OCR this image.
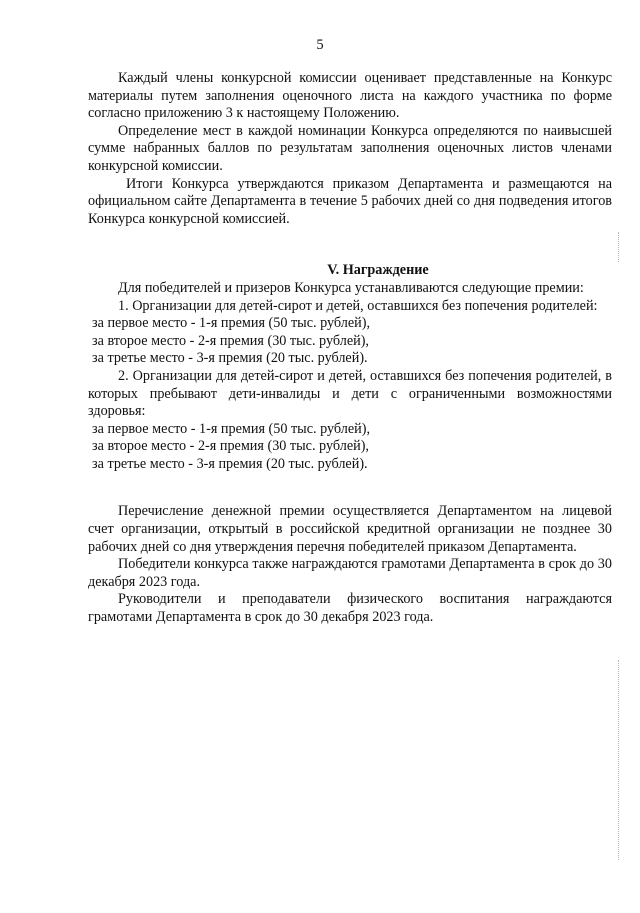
5

Каждый члены конкурсной комиссии оценивает представленные на Конкурс материалы путем заполнения оценочного листа на каждого участника по форме согласно приложению 3 к настоящему Положению.

Определение мест в каждой номинации Конкурса определяются по наивысшей сумме набранных баллов по результатам заполнения оценочных листов членами конкурсной комиссии.

Итоги Конкурса утверждаются приказом Департамента и размещаются на официальном сайте Департамента в течение 5 рабочих дней со дня подведения итогов Конкурса конкурсной комиссией.

V. Награждение

Для победителей и призеров Конкурса устанавливаются следующие премии:

1. Организации для детей-сирот и детей, оставшихся без попечения родителей:

за первое место - 1-я премия (50 тыс. рублей),

за второе место - 2-я премия (30 тыс. рублей),

за третье место - 3-я премия (20 тыс. рублей).

2. Организации для детей-сирот и детей, оставшихся без попечения родителей, в которых пребывают дети-инвалиды и дети с ограниченными возможностями здоровья:

за первое место - 1-я премия (50 тыс. рублей),

за второе место - 2-я премия (30 тыс. рублей),

за третье место - 3-я премия (20 тыс. рублей).

Перечисление денежной премии осуществляется Департаментом на лицевой счет организации, открытый в российской кредитной организации не позднее 30 рабочих дней со дня утверждения перечня победителей приказом Департамента.

Победители конкурса также награждаются грамотами Департамента в срок до 30 декабря 2023 года.

Руководители и преподаватели физического воспитания награждаются грамотами Департамента в срок до 30 декабря 2023 года.
